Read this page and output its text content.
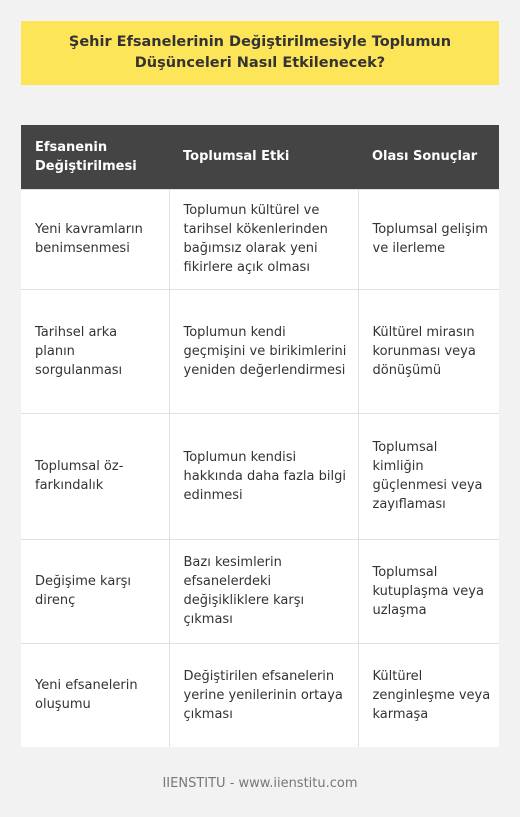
Şehir Efsanelerinin Değiştirilmesiyle Toplumun Düşünceleri Nasıl Etkilenecek?
Efsanenin Değiştirilmesi	Toplumsal Etki	Olası Sonuçlar
Yeni kavramların benimsenmesi	Toplumun kültürel ve tarihsel kökenlerinden bağımsız olarak yeni fikirlere açık olması	Toplumsal gelişim ve ilerleme
Tarihsel arka planın sorgulanması	Toplumun kendi geçmişini ve birikimlerini yeniden değerlendirmesi	Kültürel mirasın korunması veya dönüşümü
Toplumsal öz-farkındalık	Toplumun kendisi hakkında daha fazla bilgi edinmesi	Toplumsal kimliğin güçlenmesi veya zayıflaması
Değişime karşı direnç	Bazı kesimlerin efsanelerdeki değişikliklere karşı çıkması	Toplumsal kutuplaşma veya uzlaşma
Yeni efsanelerin oluşumu	Değiştirilen efsanelerin yerine yenilerinin ortaya çıkması	Kültürel zenginleşme veya karmaşa
IIENSTITU - www.iienstitu.com
